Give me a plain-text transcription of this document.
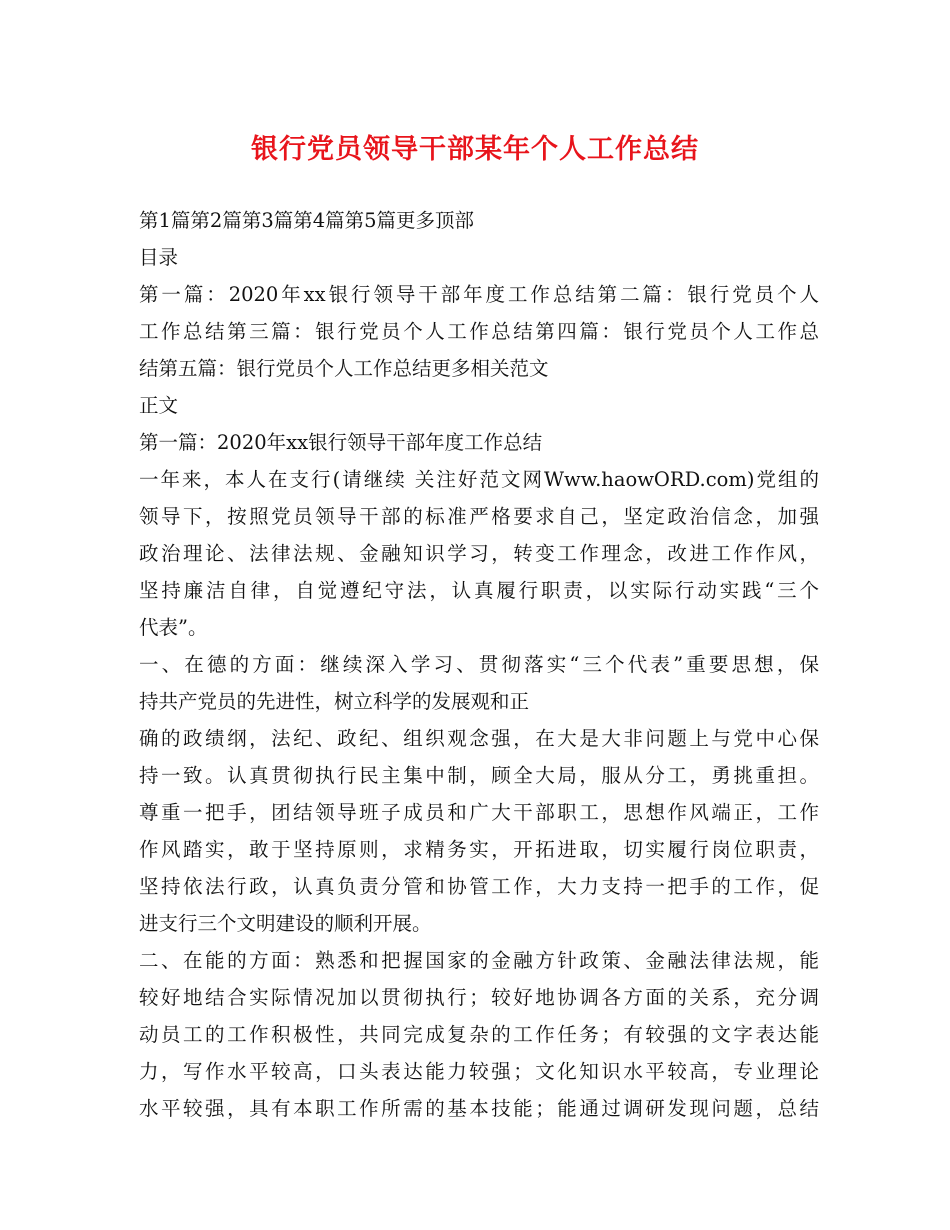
银行党员领导干部某年个人工作总结
第1篇第2篇第3篇第4篇第5篇更多顶部
目录
第一篇：2020年xx银行领导干部年度工作总结第二篇：银行党员个人
工作总结第三篇：银行党员个人工作总结第四篇：银行党员个人工作总
结第五篇：银行党员个人工作总结更多相关范文
正文
第一篇：2020年xx银行领导干部年度工作总结
一年来，本人在支行(请继续 关注好范文网Www.haowORD.com)党组的
领导下，按照党员领导干部的标准严格要求自己，坚定政治信念，加强
政治理论、法律法规、金融知识学习，转变工作理念，改进工作作风，
坚持廉洁自律，自觉遵纪守法，认真履行职责，以实际行动实践“三个
代表”。
一、在德的方面：继续深入学习、贯彻落实“三个代表”重要思想，保
持共产党员的先进性，树立科学的发展观和正
确的政绩纲，法纪、政纪、组织观念强，在大是大非问题上与党中心保
持一致。认真贯彻执行民主集中制，顾全大局，服从分工，勇挑重担。
尊重一把手，团结领导班子成员和广大干部职工，思想作风端正，工作
作风踏实，敢于坚持原则，求精务实，开拓进取，切实履行岗位职责，
坚持依法行政，认真负责分管和协管工作，大力支持一把手的工作，促
进支行三个文明建设的顺利开展。
二、在能的方面：熟悉和把握国家的金融方针政策、金融法律法规，能
较好地结合实际情况加以贯彻执行；较好地协调各方面的关系，充分调
动员工的工作积极性，共同完成复杂的工作任务；有较强的文字表达能
力，写作水平较高，口头表达能力较强；文化知识水平较高，专业理论
水平较强，具有本职工作所需的基本技能；能通过调研发现问题，总结
